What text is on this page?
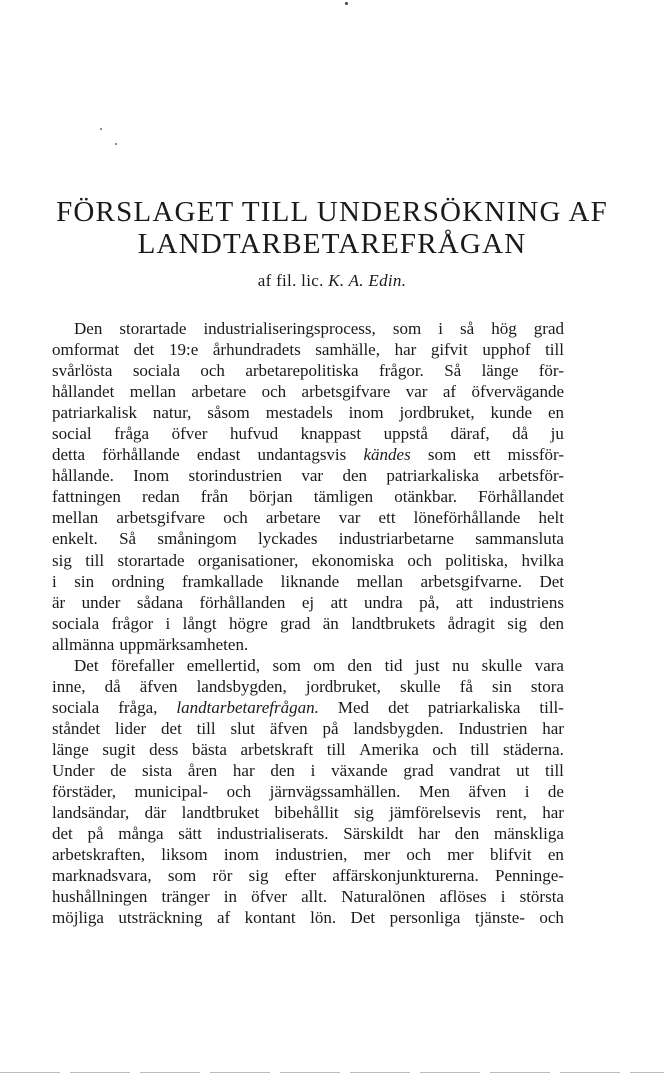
FÖRSLAGET TILL UNDERSÖKNING AF
LANDTARBETAREFRÅGAN
af fil. lic. K. A. Edin.
Den storartade industrialiseringsprocess, som i så hög grad
omformat det 19:e århundradets samhälle, har gifvit upphof till
svårlösta sociala och arbetarepolitiska frågor. Så länge för-
hållandet mellan arbetare och arbetsgifvare var af öfvervägande
patriarkalisk natur, såsom mestadels inom jordbruket, kunde en
social fråga öfver hufvud knappast uppstå däraf, då ju
detta förhållande endast undantagsvis kändes som ett missför-
hållande. Inom storindustrien var den patriarkaliska arbetsför-
fattningen redan från början tämligen otänkbar. Förhållandet
mellan arbetsgifvare och arbetare var ett löneförhållande helt
enkelt. Så småningom lyckades industriarbetarne sammansluta
sig till storartade organisationer, ekonomiska och politiska, hvilka
i sin ordning framkallade liknande mellan arbetsgifvarne. Det
är under sådana förhållanden ej att undra på, att industriens
sociala frågor i långt högre grad än landtbrukets ådragit sig den
allmänna uppmärksamheten.
Det förefaller emellertid, som om den tid just nu skulle vara
inne, då äfven landsbygden, jordbruket, skulle få sin stora
sociala fråga, landtarbetarefrågan. Med det patriarkaliska till-
ståndet lider det till slut äfven på landsbygden. Industrien har
länge sugit dess bästa arbetskraft till Amerika och till städerna.
Under de sista åren har den i växande grad vandrat ut till
förstäder, municipal- och järnvägssamhällen. Men äfven i de
landsändar, där landtbruket bibehållit sig jämförelsevis rent, har
det på många sätt industrialiserats. Särskildt har den mänskliga
arbetskraften, liksom inom industrien, mer och mer blifvit en
marknadsvara, som rör sig efter affärskonjunkturerna. Penninge-
hushållningen tränger in öfver allt. Naturalönen aflöses i största
möjliga utsträckning af kontant lön. Det personliga tjänste- och
